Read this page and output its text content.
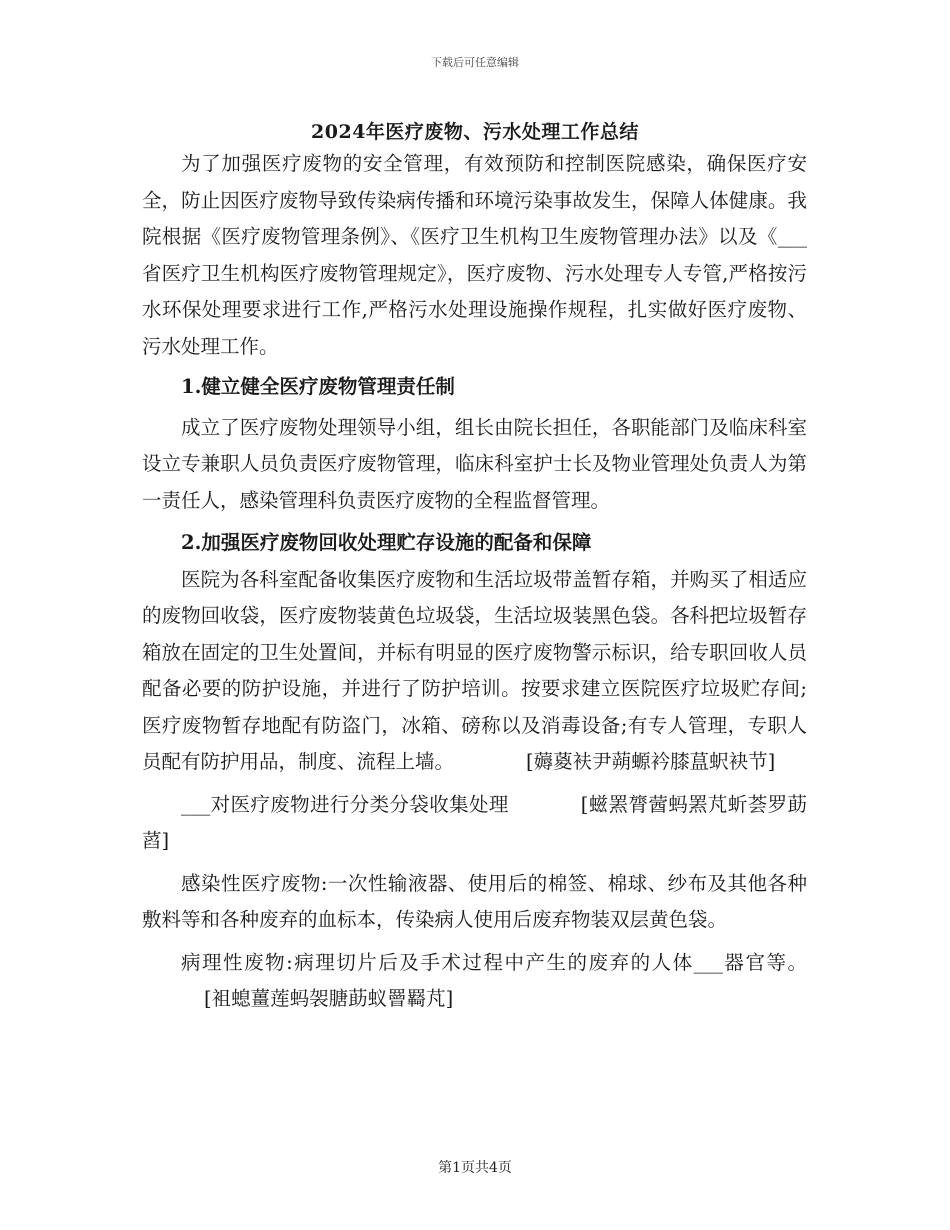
下载后可任意编辑
2024年医疗废物、污水处理工作总结

为了加强医疗废物的安全管理，有效预防和控制医院感染，确保医疗安全，防止因医疗废物导致传染病传播和环境污染事故发生，保障人体健康。我院根据《医疗废物管理条例》、《医疗卫生机构卫生废物管理办法》以及《___省医疗卫生机构医疗废物管理规定》，医疗废物、污水处理专人专管,严格按污水环保处理要求进行工作,严格污水处理设施操作规程，扎实做好医疗废物、污水处理工作。

1.健立健全医疗废物管理责任制

成立了医疗废物处理领导小组，组长由院长担任，各职能部门及临床科室设立专兼职人员负责医疗废物管理，临床科室护士长及物业管理处负责人为第一责任人，感染管理科负责医疗废物的全程监督管理。

2.加强医疗废物回收处理贮存设施的配备和保障

医院为各科室配备收集医疗废物和生活垃圾带盖暂存箱，并购买了相适应的废物回收袋，医疗废物装黄色垃圾袋，生活垃圾装黑色袋。各科把垃圾暂存箱放在固定的卫生处置间，并标有明显的医疗废物警示标识，给专职回收人员配备必要的防护设施，并进行了防护培训。按要求建立医院医疗垃圾贮存间;医疗废物暂存地配有防盗门，冰箱、磅称以及消毒设备;有专人管理，专职人员配有防护用品，制度、流程上墙。	[薅葼衭尹蒴螈衿膝蒀蚇袂节]

___对医疗废物进行分类分袋收集处理	[螆罴膂蒏蚂罴芃蚚荟罗莇蓞]

感染性医疗废物:一次性输液器、使用后的棉签、棉球、纱布及其他各种敷料等和各种废弃的血标本，传染病人使用后废弃物装双层黄色袋。

病理性废物:病理切片后及手术过程中产生的废弃的人体___器官等。[袓螅薑莲蚂袈膅莇蚁罾羇芃]

第1页共4页
